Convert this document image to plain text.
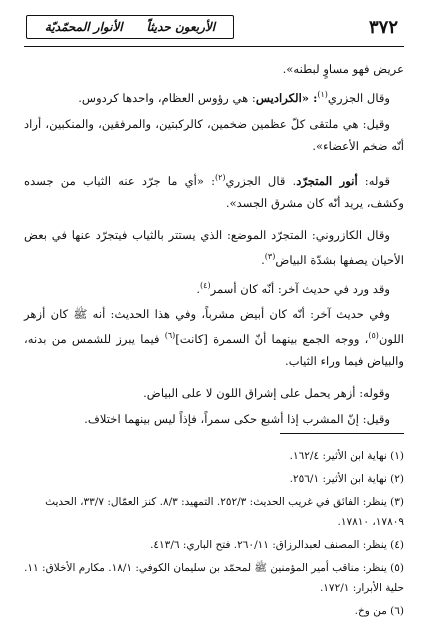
٣٧٢
الأربعون حديثاً
الأنوار المحمّديّة

عريض فهو مساوٍ لبطنه».

وقال الجزري$^{(١)}$: «الكراديس: هي رؤوس العظام، واحدها كردوس.

وقيل: هي ملتقى كلّ عظمين ضخمين، كالركبتين، والمرفقين، والمنكبين، أراد أنّه ضخم الأعضاء».

قوله: أنور المتجرّد. قال الجزري$^{(٢)}$: «أي ما جرّد عنه الثياب من جسده وكشف، يريد أنّه كان مشرق الجسد».

وقال الكازروني: المتجرّد الموضع: الذي يستتر بالثياب فيتجرّد عنها في بعض الأحيان يصفها بشدّة البياض$^{(٣)}$.

وقد ورد في حديث آخر: أنّه كان أسمر$^{(٤)}$.

وفي حديث آخر: أنّه كان أبيض مشرباً، وفي هذا الحديث: أنه ﷺ كان أزهر اللون$^{(٥)}$، ووجه الجمع بينهما أنّ السمرة [كانت]$^{(٦)}$ فيما يبرز للشمس من بدنه، والبياض فيما وراء الثياب.

وقوله: أزهر يحمل على إشراق اللون لا على البياض.

وقيل: إنّ المشرب إذا أشبع حكى سمراً، فإذاً ليس بينهما اختلاف.

(١) نهاية ابن الأثير: ١٦٢/٤.

(٢) نهاية ابن الأثير: ٢٥٦/١.

(٣) ينظر: الفائق في غريب الحديث: ٢٥٢/٣. التمهيد: ٨/٣. كنز العمّال: ٣٣/٧، الحديث ١٧٨٠٩، ١٧٨١٠.

(٤) ينظر: المصنف لعبدالرزاق: ٢٦٠/١١. فتح الباري: ٤١٣/٦.

(٥) ينظر: مناقب أمير المؤمنين ﷺ لمحمّد بن سليمان الكوفي: ١٨/١. مكارم الأخلاق: ١١. حلية الأبرار: ١٧٢/١.

(٦) من وخ.
